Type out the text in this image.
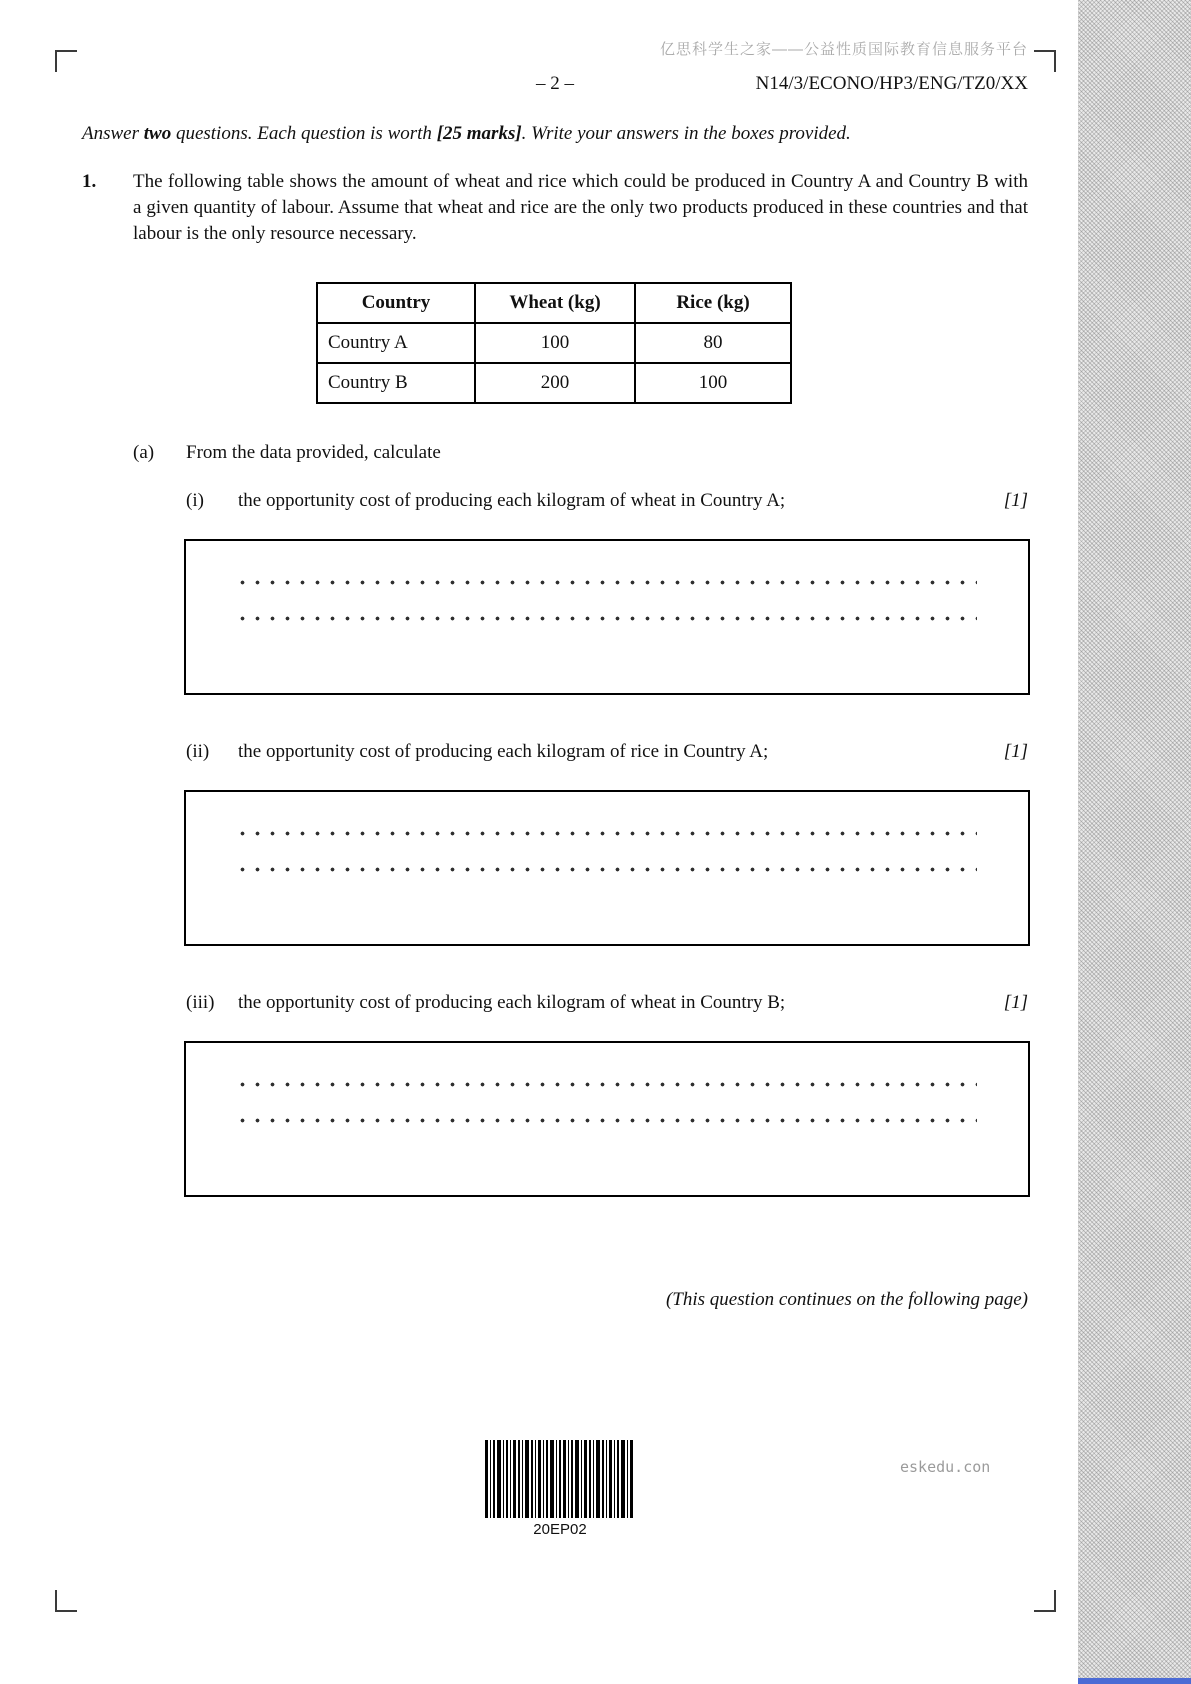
亿思科学生之家——公益性质国际教育信息服务平台
– 2 –	N14/3/ECONO/HP3/ENG/TZ0/XX

Answer two questions. Each question is worth [25 marks]. Write your answers in the boxes provided.

1.	The following table shows the amount of wheat and rice which could be produced in Country A and Country B with a given quantity of labour. Assume that wheat and rice are the only two products produced in these countries and that labour is the only resource necessary.
Country	Wheat (kg)	Rice (kg)
Country A	100	80
Country B	200	100
(a)	From the data provided, calculate
(i)	the opportunity cost of producing each kilogram of wheat in Country A;	[1]
(ii)	the opportunity cost of producing each kilogram of rice in Country A;	[1]
(iii)	the opportunity cost of producing each kilogram of wheat in Country B;	[1]
(This question continues on the following page)
20EP02
eskedu.con
